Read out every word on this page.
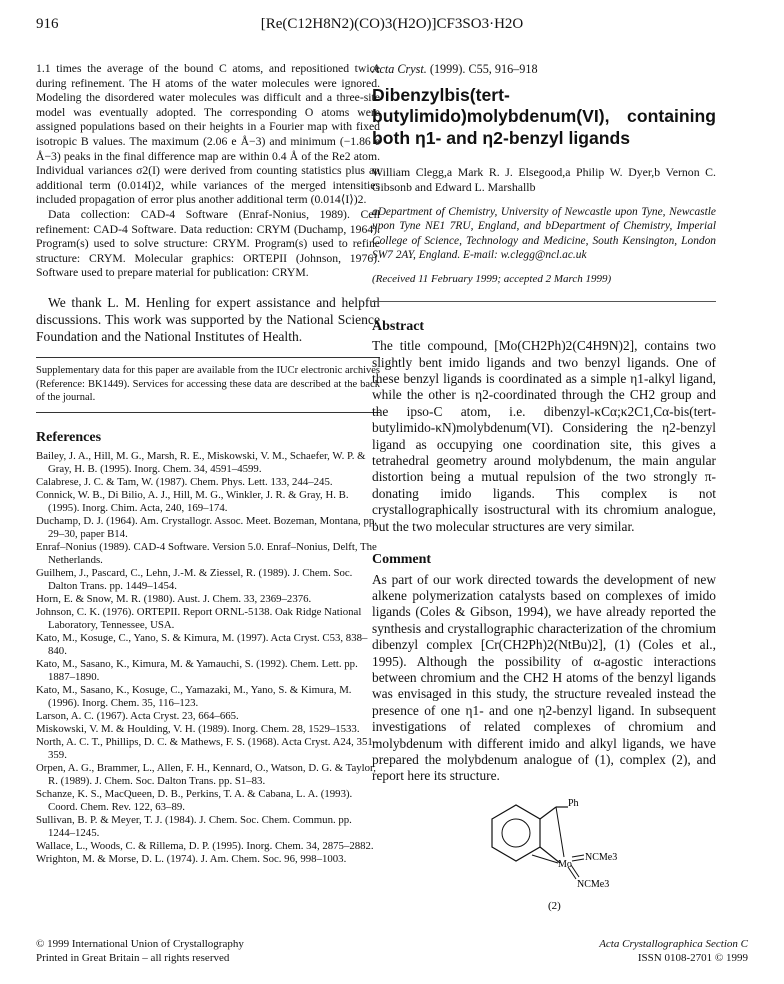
916	[Re(C12H8N2)(CO)3(H2O)]CF3SO3·H2O

1.1 times the average of the bound C atoms, and repositioned twice during refinement. The H atoms of the water molecules were ignored. Modeling the disordered water molecules was difficult and a three-site model was eventually adopted. The corresponding O atoms were assigned populations based on their heights in a Fourier map with fixed isotropic B values. The maximum (2.06 e Å−3) and minimum (−1.86 e Å−3) peaks in the final difference map are within 0.4 Å of the Re2 atom. Individual variances σ2(I) were derived from counting statistics plus an additional term (0.014I)2, while variances of the merged intensities included propagation of error plus another additional term (0.014⟨I⟩)2.

Data collection: CAD-4 Software (Enraf-Nonius, 1989). Cell refinement: CAD-4 Software. Data reduction: CRYM (Duchamp, 1964). Program(s) used to solve structure: CRYM. Program(s) used to refine structure: CRYM. Molecular graphics: ORTEPII (Johnson, 1976). Software used to prepare material for publication: CRYM.

We thank L. M. Henling for expert assistance and helpful discussions. This work was supported by the National Science Foundation and the National Institutes of Health.

Supplementary data for this paper are available from the IUCr electronic archives (Reference: BK1449). Services for accessing these data are described at the back of the journal.

References

Bailey, J. A., Hill, M. G., Marsh, R. E., Miskowski, V. M., Schaefer, W. P. & Gray, H. B. (1995). Inorg. Chem. 34, 4591–4599.

Calabrese, J. C. & Tam, W. (1987). Chem. Phys. Lett. 133, 244–245.

Connick, W. B., Di Bilio, A. J., Hill, M. G., Winkler, J. R. & Gray, H. B. (1995). Inorg. Chim. Acta, 240, 169–174.

Duchamp, D. J. (1964). Am. Crystallogr. Assoc. Meet. Bozeman, Montana, pp. 29–30, paper B14.

Enraf–Nonius (1989). CAD-4 Software. Version 5.0. Enraf–Nonius, Delft, The Netherlands.

Guilhem, J., Pascard, C., Lehn, J.-M. & Ziessel, R. (1989). J. Chem. Soc. Dalton Trans. pp. 1449–1454.

Horn, E. & Snow, M. R. (1980). Aust. J. Chem. 33, 2369–2376.

Johnson, C. K. (1976). ORTEPII. Report ORNL-5138. Oak Ridge National Laboratory, Tennessee, USA.

Kato, M., Kosuge, C., Yano, S. & Kimura, M. (1997). Acta Cryst. C53, 838–840.

Kato, M., Sasano, K., Kimura, M. & Yamauchi, S. (1992). Chem. Lett. pp. 1887–1890.

Kato, M., Sasano, K., Kosuge, C., Yamazaki, M., Yano, S. & Kimura, M. (1996). Inorg. Chem. 35, 116–123.

Larson, A. C. (1967). Acta Cryst. 23, 664–665.

Miskowski, V. M. & Houlding, V. H. (1989). Inorg. Chem. 28, 1529–1533.

North, A. C. T., Phillips, D. C. & Mathews, F. S. (1968). Acta Cryst. A24, 351–359.

Orpen, A. G., Brammer, L., Allen, F. H., Kennard, O., Watson, D. G. & Taylor, R. (1989). J. Chem. Soc. Dalton Trans. pp. S1–83.

Schanze, K. S., MacQueen, D. B., Perkins, T. A. & Cabana, L. A. (1993). Coord. Chem. Rev. 122, 63–89.

Sullivan, B. P. & Meyer, T. J. (1984). J. Chem. Soc. Chem. Commun. pp. 1244–1245.

Wallace, L., Woods, C. & Rillema, D. P. (1995). Inorg. Chem. 34, 2875–2882.

Wrighton, M. & Morse, D. L. (1974). J. Am. Chem. Soc. 96, 998–1003.

Acta Cryst. (1999). C55, 916–918
Dibenzylbis(tert-butylimido)molybdenum(VI), containing both η1- and η2-benzyl ligands
William Clegg,a Mark R. J. Elsegood,a Philip W. Dyer,b Vernon C. Gibsonb and Edward L. Marshallb
aDepartment of Chemistry, University of Newcastle upon Tyne, Newcastle upon Tyne NE1 7RU, England, and bDepartment of Chemistry, Imperial College of Science, Technology and Medicine, South Kensington, London SW7 2AY, England. E-mail: w.clegg@ncl.ac.uk
(Received 11 February 1999; accepted 2 March 1999)
Abstract

The title compound, [Mo(CH2Ph)2(C4H9N)2], contains two slightly bent imido ligands and two benzyl ligands. One of these benzyl ligands is coordinated as a simple η1-alkyl ligand, while the other is η2-coordinated through the CH2 group and the ipso-C atom, i.e. dibenzyl-κCα;κ2C1,Cα-bis(tert-butylimido-κN)molybdenum(VI). Considering the η2-benzyl ligand as occupying one coordination site, this gives a tetrahedral geometry around molybdenum, the main angular distortion being a mutual repulsion of the two strongly π-donating imido ligands. This complex is not crystallographically isostructural with its chromium analogue, but the two molecular structures are very similar.

Comment

As part of our work directed towards the development of new alkene polymerization catalysts based on complexes of imido ligands (Coles & Gibson, 1994), we have already reported the synthesis and crystallographic characterization of the chromium dibenzyl complex [Cr(CH2Ph)2(NtBu)2], (1) (Coles et al., 1995). Although the possibility of α-agostic interactions between chromium and the CH2 H atoms of the benzyl ligands was envisaged in this study, the structure revealed instead the presence of one η1- and one η2-benzyl ligand. In subsequent investigations of related complexes of chromium and molybdenum with different imido and alkyl ligands, we have prepared the molybdenum analogue of (1), complex (2), and report here its structure.

Ph
Mo
NCMe3
NCMe3
(2)
© 1999 International Union of Crystallography
Printed in Great Britain – all rights reserved
Acta Crystallographica Section C
ISSN 0108-2701 © 1999
